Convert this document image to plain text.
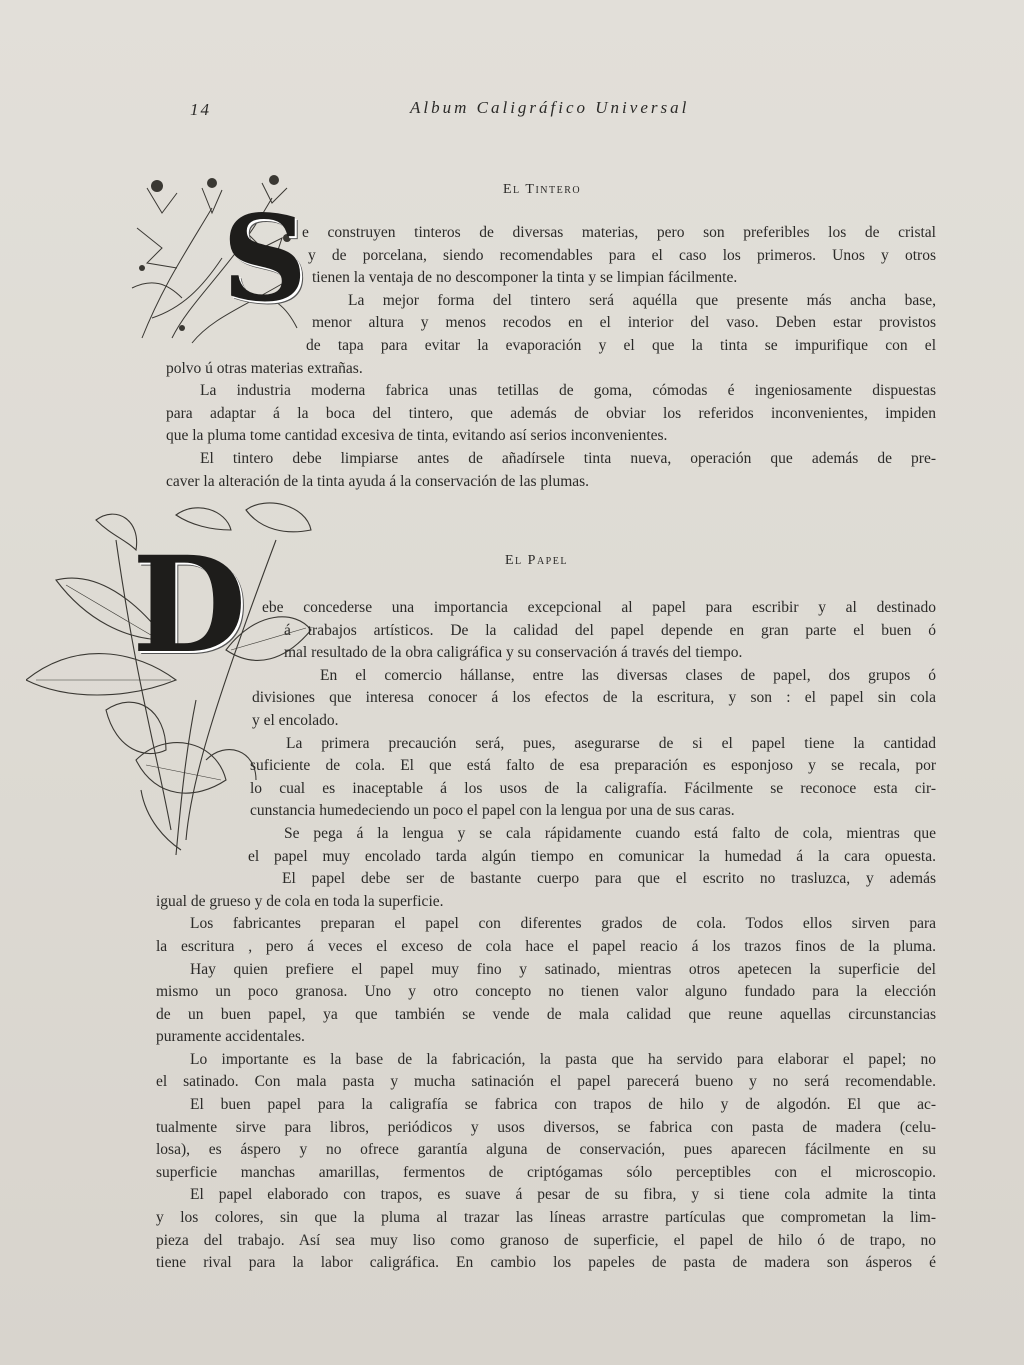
14	Album Caligráfico Universal
S	El Tintero
e construyen tinteros de diversas materias, pero son preferibles los de cristal
y de porcelana, siendo recomendables para el caso los primeros. Unos y otros
tienen la ventaja de no descomponer la tinta y se limpian fácilmente.
La mejor forma del tintero será aquélla que presente más ancha base,
menor altura y menos recodos en el interior del vaso. Deben estar provistos
de tapa para evitar la evaporación y el que la tinta se impurifique con el
polvo ú otras materias extrañas.
La industria moderna fabrica unas tetillas de goma, cómodas é ingeniosamente dispuestas
para adaptar á la boca del tintero, que además de obviar los referidos inconvenientes, impiden
que la pluma tome cantidad excesiva de tinta, evitando así serios inconvenientes.
El tintero debe limpiarse antes de añadírsele tinta nueva, operación que además de pre-
caver la alteración de la tinta ayuda á la conservación de las plumas.
D	El Papel
ebe concederse una importancia excepcional al papel para escribir y al destinado
á trabajos artísticos. De la calidad del papel depende en gran parte el buen ó
mal resultado de la obra caligráfica y su conservación á través del tiempo.
En el comercio hállanse, entre las diversas clases de papel, dos grupos ó
divisiones que interesa conocer á los efectos de la escritura, y son : el papel sin cola
y el encolado.
La primera precaución será, pues, asegurarse de si el papel tiene la cantidad
suficiente de cola. El que está falto de esa preparación es esponjoso y se recala, por
lo cual es inaceptable á los usos de la caligrafía. Fácilmente se reconoce esta cir-
cunstancia humedeciendo un poco el papel con la lengua por una de sus caras.
Se pega á la lengua y se cala rápidamente cuando está falto de cola, mientras que
el papel muy encolado tarda algún tiempo en comunicar la humedad á la cara opuesta.
El papel debe ser de bastante cuerpo para que el escrito no trasluzca, y además
igual de grueso y de cola en toda la superficie.
Los fabricantes preparan el papel con diferentes grados de cola. Todos ellos sirven para
la escritura , pero á veces el exceso de cola hace el papel reacio á los trazos finos de la pluma.
Hay quien prefiere el papel muy fino y satinado, mientras otros apetecen la superficie del
mismo un poco granosa. Uno y otro concepto no tienen valor alguno fundado para la elección
de un buen papel, ya que también se vende de mala calidad que reune aquellas circunstancias
puramente accidentales.
Lo importante es la base de la fabricación, la pasta que ha servido para elaborar el papel; no
el satinado. Con mala pasta y mucha satinación el papel parecerá bueno y no será recomendable.
El buen papel para la caligrafía se fabrica con trapos de hilo y de algodón. El que ac-
tualmente sirve para libros, periódicos y usos diversos, se fabrica con pasta de madera (celu-
losa), es áspero y no ofrece garantía alguna de conservación, pues aparecen fácilmente en su
superficie manchas amarillas, fermentos de criptógamas sólo perceptibles con el microscopio.
El papel elaborado con trapos, es suave á pesar de su fibra, y si tiene cola admite la tinta
y los colores, sin que la pluma al trazar las líneas arrastre partículas que comprometan la lim-
pieza del trabajo. Así sea muy liso como granoso de superficie, el papel de hilo ó de trapo, no
tiene rival para la labor caligráfica. En cambio los papeles de pasta de madera son ásperos é
